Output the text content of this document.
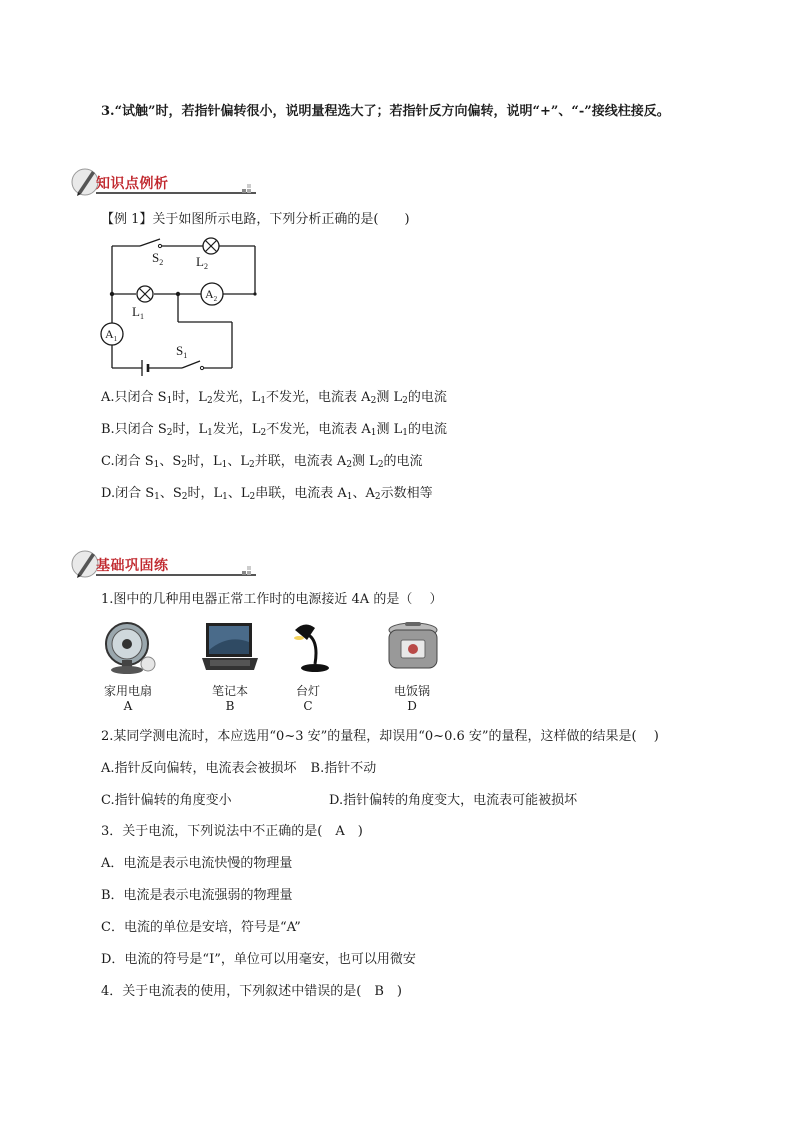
3.“试触”时，若指针偏转很小，说明量程选大了；若指针反方向偏转，说明“+”、“-”接线柱接反。
知识点例析
【例 1】关于如图所示电路，下列分析正确的是(　　)
$S_2$	$L_2$
$A_2$
$L_1$
$A_1$
$S_1$
A.只闭合 $S_1$时，$L_2$发光，$L_1$不发光，电流表 $A_2$测 $L_2$的电流
B.只闭合 $S_2$时，$L_1$发光，$L_2$不发光，电流表 $A_1$测 $L_1$的电流
C.闭合 $S_1$、$S_2$时，$L_1$、$L_2$并联，电流表 $A_2$测 $L_2$的电流
D.闭合 $S_1$、$S_2$时，$L_1$、$L_2$串联，电流表 $A_1$、$A_2$示数相等
基础巩固练
1.图中的几种用电器正常工作时的电源接近 4A 的是（　 ）
家用电扇
A
笔记本
B
台灯
C
电饭锅
D
2.某同学测电流时，本应选用“0~3 安”的量程，却误用“0~0.6 安”的量程，这样做的结果是(　 )
A.指针反向偏转，电流表会被损坏 B.指针不动
C.指针偏转的角度变小	D.指针偏转的角度变大，电流表可能被损坏
3．关于电流，下列说法中不正确的是(　A　)
A．电流是表示电流快慢的物理量
B．电流是表示电流强弱的物理量
C．电流的单位是安培，符号是“A”
D．电流的符号是“I”，单位可以用毫安，也可以用微安
4．关于电流表的使用，下列叙述中错误的是(　B　)
